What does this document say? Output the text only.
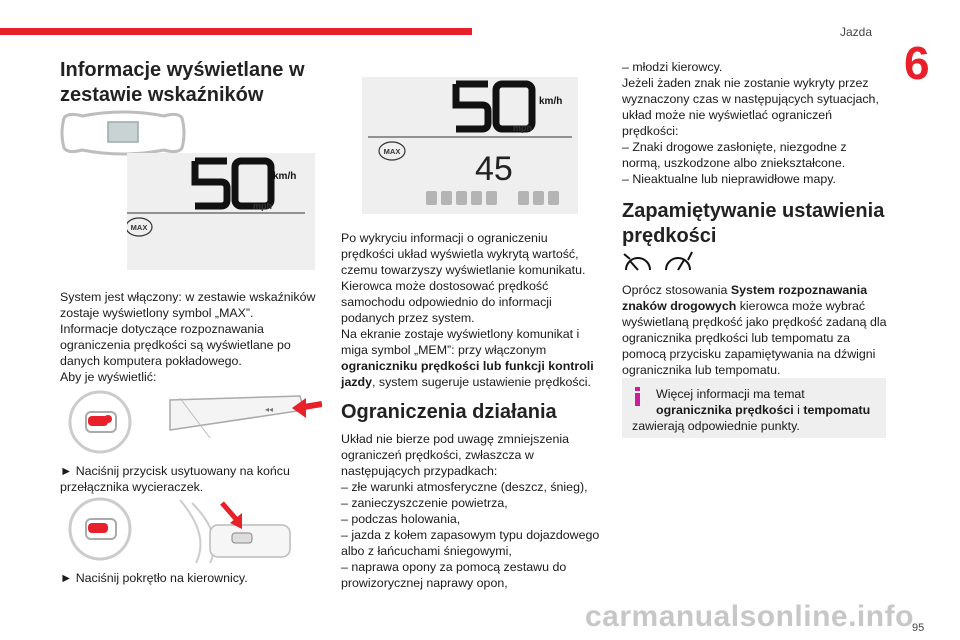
Jazda
6
95
Informacje wyświetlane w zestawie wskaźników
km/h
mph
MAX

System jest włączony: w zestawie wskaźników zostaje wyświetlony symbol „MAX”.

Informacje dotyczące rozpoznawania ograniczenia prędkości są wyświetlane po danych komputera pokładowego.

Aby je wyświetlić:

◂◂

► Naciśnij przycisk usytuowany na końcu przełącznika wycieraczek.

► Naciśnij pokrętło na kierownicy.

km/h
mph
MAX 45

Po wykryciu informacji o ograniczeniu prędkości układ wyświetla wykrytą wartość, czemu towarzyszy wyświetlanie komunikatu.

Kierowca może dostosować prędkość samochodu odpowiednio do informacji podanych przez system.

Na ekranie zostaje wyświetlony komunikat i miga symbol „MEM”: przy włączonym ograniczniku prędkości lub funkcji kontroli jazdy, system sugeruje ustawienie prędkości.

Ograniczenia działania

Układ nie bierze pod uwagę zmniejszenia ograniczeń prędkości, zwłaszcza w następujących przypadkach:

– złe warunki atmosferyczne (deszcz, śnieg),

– zanieczyszczenie powietrza,

– podczas holowania,

– jazda z kołem zapasowym typu dojazdowego albo z łańcuchami śniegowymi,

– naprawa opony za pomocą zestawu do prowizorycznej naprawy opon,

– młodzi kierowcy.

Jeżeli żaden znak nie zostanie wykryty przez wyznaczony czas w następujących sytuacjach, układ może nie wyświetlać ograniczeń prędkości:

– Znaki drogowe zasłonięte, niezgodne z normą, uszkodzone albo zniekształcone.

– Nieaktualne lub nieprawidłowe mapy.

Zapamiętywanie ustawienia prędkości

Oprócz stosowania System rozpoznawania znaków drogowych kierowca może wybrać wyświetlaną prędkość jako prędkość zadaną dla ogranicznika prędkości lub tempomatu za pomocą przycisku zapamiętywania na dźwigni ogranicznika lub tempomatu.

Więcej informacji ma temat ogranicznika prędkości i tempomatu

zawierają odpowiednie punkty.

carmanualsonline.info
